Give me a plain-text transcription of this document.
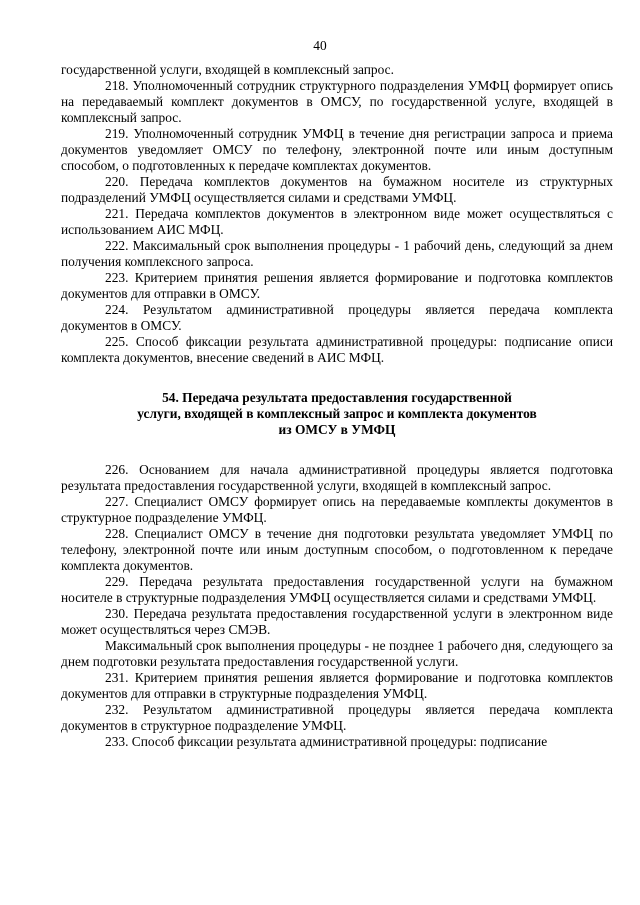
40

государственной услуги, входящей в комплексный запрос.

218. Уполномоченный сотрудник структурного подразделения УМФЦ формирует опись на передаваемый комплект документов в ОМСУ, по государственной услуге, входящей в комплексный запрос.

219. Уполномоченный сотрудник УМФЦ в течение дня регистрации запроса и приема документов уведомляет ОМСУ по телефону, электронной почте или иным доступным способом, о подготовленных к передаче комплектах документов.

220. Передача комплектов документов на бумажном носителе из структурных подразделений УМФЦ осуществляется силами и средствами УМФЦ.

221. Передача комплектов документов в электронном виде может осуществляться с использованием АИС МФЦ.

222. Максимальный срок выполнения процедуры - 1 рабочий день, следующий за днем получения комплексного запроса.

223. Критерием принятия решения является формирование и подготовка комплектов документов для отправки в ОМСУ.

224. Результатом административной процедуры является передача комплекта документов в ОМСУ.

225. Способ фиксации результата административной процедуры: подписание описи комплекта документов, внесение сведений в АИС МФЦ.

54. Передача результата предоставления государственной
услуги, входящей в комплексный запрос и комплекта документов
из ОМСУ в УМФЦ

226. Основанием для начала административной процедуры является подготовка результата предоставления государственной услуги, входящей в комплексный запрос.

227. Специалист ОМСУ формирует опись на передаваемые комплекты документов в структурное подразделение УМФЦ.

228. Специалист ОМСУ в течение дня подготовки результата уведомляет УМФЦ по телефону, электронной почте или иным доступным способом, о подготовленном к передаче комплекта документов.

229. Передача результата предоставления государственной услуги на бумажном носителе в структурные подразделения УМФЦ осуществляется силами и средствами УМФЦ.

230. Передача результата предоставления государственной услуги в электронном виде может осуществляться через СМЭВ.

Максимальный срок выполнения процедуры - не позднее 1 рабочего дня, следующего за днем подготовки результата предоставления государственной услуги.

231. Критерием принятия решения является формирование и подготовка комплектов документов для отправки в структурные подразделения УМФЦ.

232. Результатом административной процедуры является передача комплекта документов в структурное подразделение УМФЦ.

233. Способ фиксации результата административной процедуры: подписание
